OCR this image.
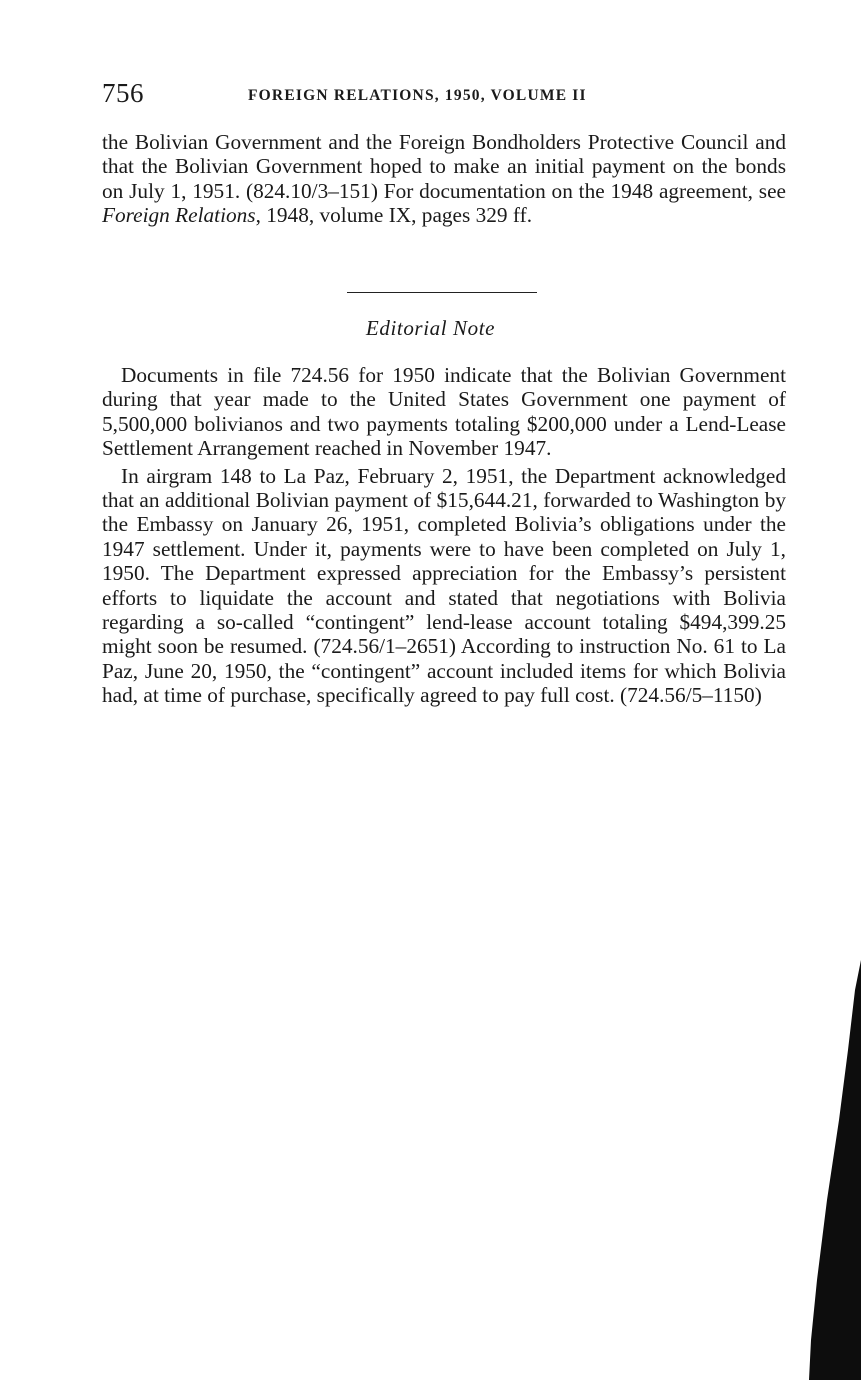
756	FOREIGN RELATIONS, 1950, VOLUME II

the Bolivian Government and the Foreign Bondholders Protective Council and that the Bolivian Government hoped to make an initial payment on the bonds on July 1, 1951. (824.10/3–151) For documentation on the 1948 agreement, see Foreign Relations, 1948, volume IX, pages 329 ff.

Editorial Note

Documents in file 724.56 for 1950 indicate that the Bolivian Government during that year made to the United States Government one payment of 5,500,000 bolivianos and two payments totaling $200,000 under a Lend-Lease Settlement Arrangement reached in November 1947.

In airgram 148 to La Paz, February 2, 1951, the Department acknowledged that an additional Bolivian payment of $15,644.21, forwarded to Washington by the Embassy on January 26, 1951, completed Bolivia’s obligations under the 1947 settlement. Under it, payments were to have been completed on July 1, 1950. The Department expressed appreciation for the Embassy’s persistent efforts to liquidate the account and stated that negotiations with Bolivia regarding a so-called “contingent” lend-lease account totaling $494,399.25 might soon be resumed. (724.56/1–2651) According to instruction No. 61 to La Paz, June 20, 1950, the “contingent” account included items for which Bolivia had, at time of purchase, specifically agreed to pay full cost. (724.56/5–1150)
